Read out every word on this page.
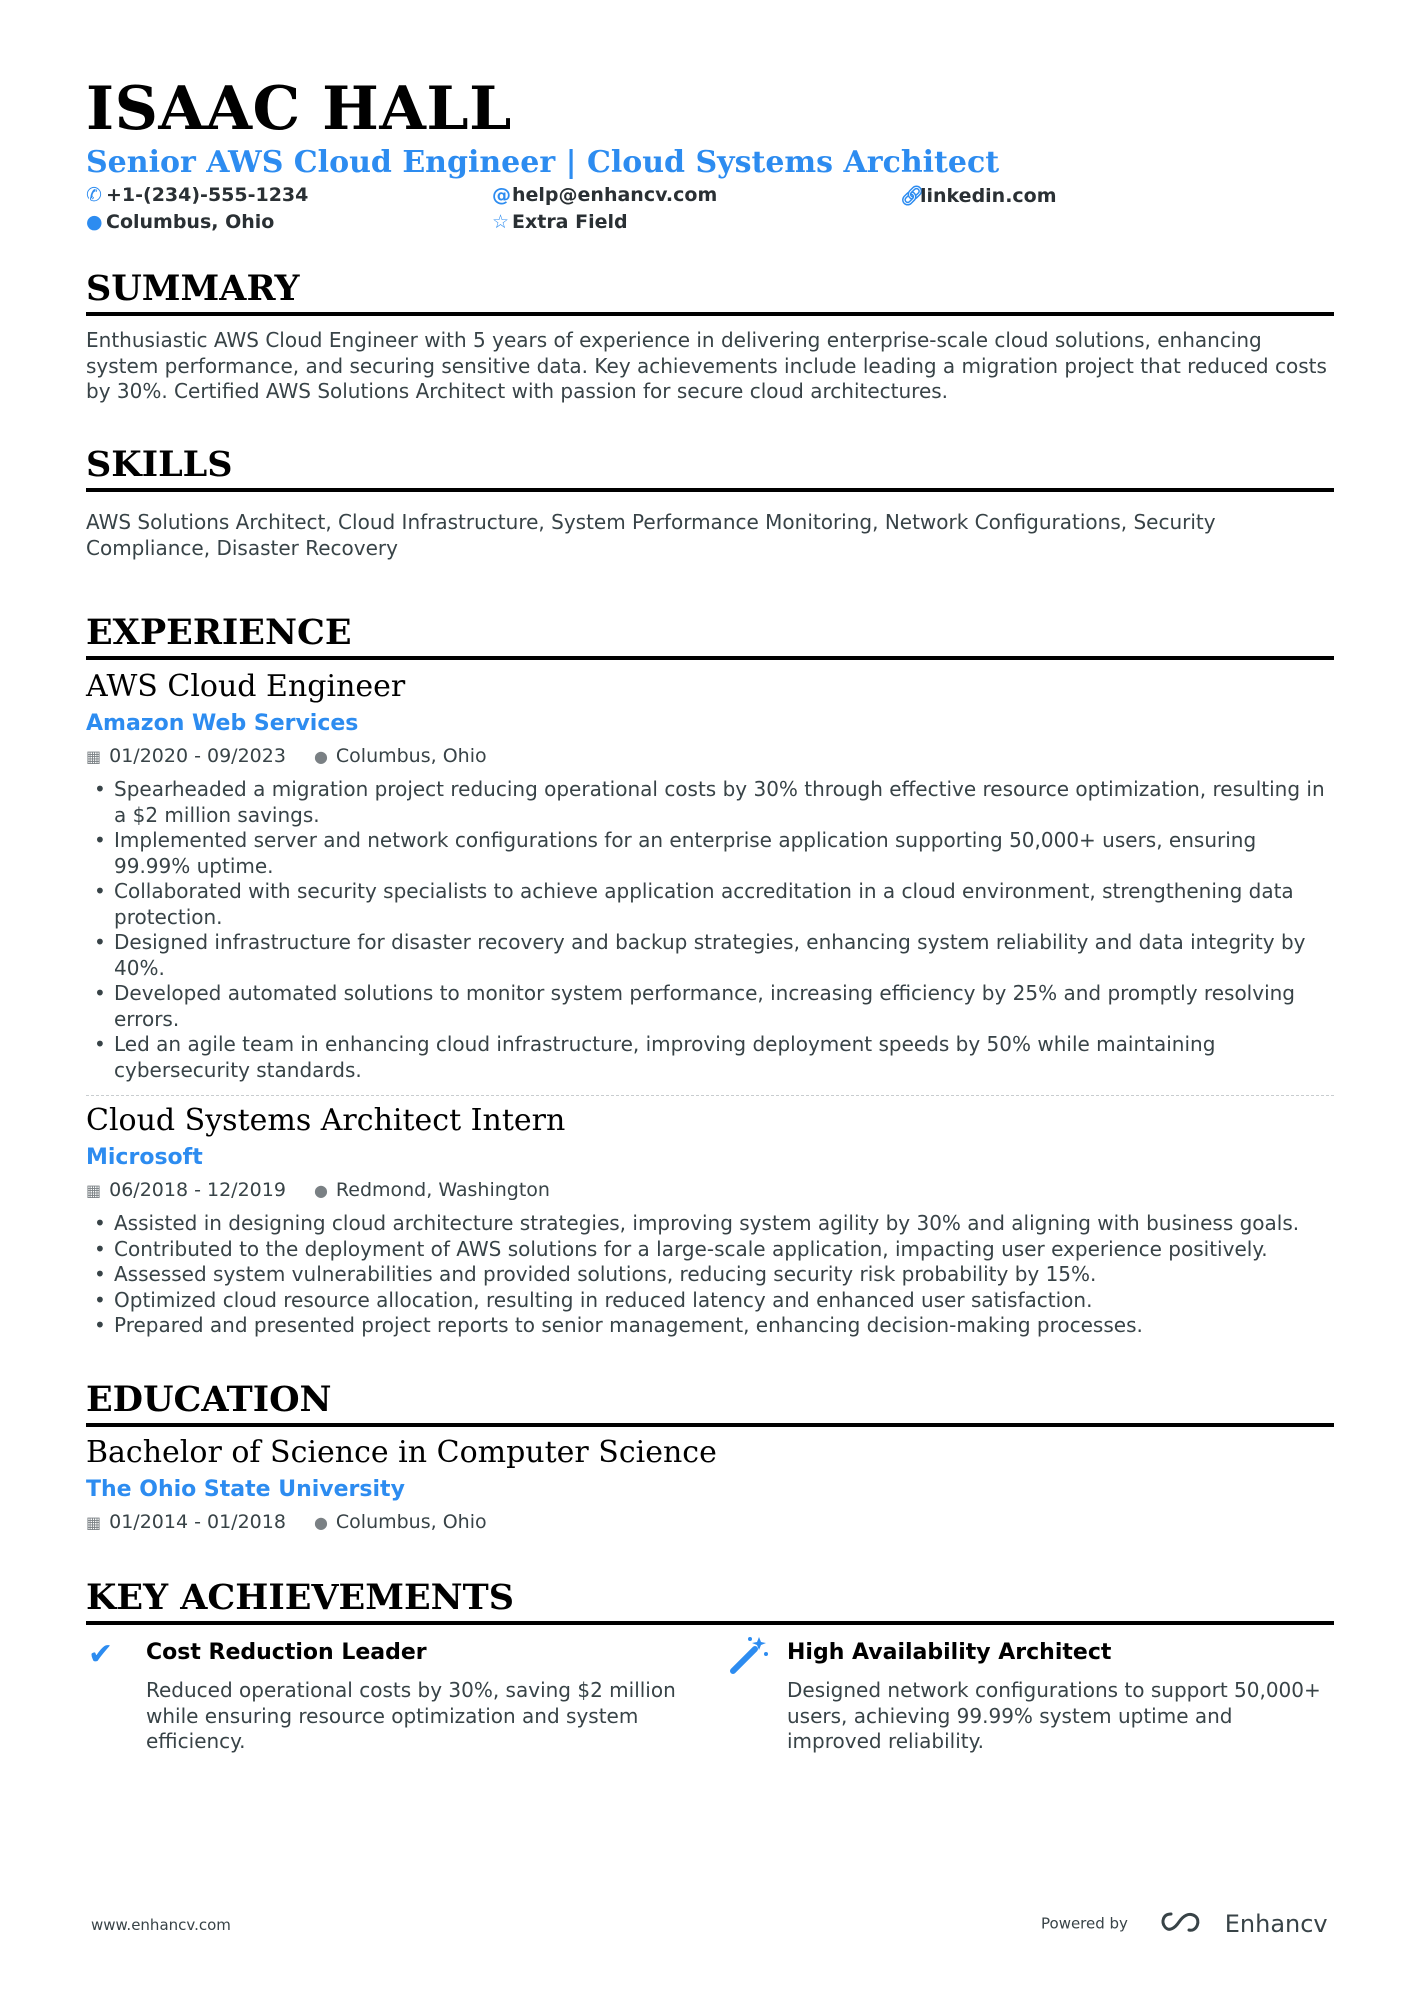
ISAAC HALL
Senior AWS Cloud Engineer | Cloud Systems Architect
✆ +1-(234)-555-1234	@help@enhancv.com	🔗︎linkedin.com
● Columbus, Ohio	☆ Extra Field
SUMMARY
Enthusiastic AWS Cloud Engineer with 5 years of experience in delivering enterprise-scale cloud solutions, enhancing system performance, and securing sensitive data. Key achievements include leading a migration project that reduced costs by 30%. Certified AWS Solutions Architect with passion for secure cloud architectures.
SKILLS
AWS Solutions Architect, Cloud Infrastructure, System Performance Monitoring, Network Configurations, Security Compliance, Disaster Recovery
EXPERIENCE
AWS Cloud Engineer
Amazon Web Services
▦ 01/2020 - 09/2023 ● Columbus, Ohio
• Spearheaded a migration project reducing operational costs by 30% through effective resource optimization, resulting in a $2 million savings.
• Implemented server and network configurations for an enterprise application supporting 50,000+ users, ensuring 99.99% uptime.
• Collaborated with security specialists to achieve application accreditation in a cloud environment, strengthening data protection.
• Designed infrastructure for disaster recovery and backup strategies, enhancing system reliability and data integrity by 40%.
• Developed automated solutions to monitor system performance, increasing efficiency by 25% and promptly resolving errors.
• Led an agile team in enhancing cloud infrastructure, improving deployment speeds by 50% while maintaining cybersecurity standards.
Cloud Systems Architect Intern
Microsoft
▦ 06/2018 - 12/2019 ● Redmond, Washington
• Assisted in designing cloud architecture strategies, improving system agility by 30% and aligning with business goals.
• Contributed to the deployment of AWS solutions for a large-scale application, impacting user experience positively.
• Assessed system vulnerabilities and provided solutions, reducing security risk probability by 15%.
• Optimized cloud resource allocation, resulting in reduced latency and enhanced user satisfaction.
• Prepared and presented project reports to senior management, enhancing decision-making processes.
EDUCATION
Bachelor of Science in Computer Science
The Ohio State University
▦ 01/2014 - 01/2018 ● Columbus, Ohio
KEY ACHIEVEMENTS
✔ Cost Reduction Leader
Reduced operational costs by 30%, saving $2 million while ensuring resource optimization and system efficiency.
High Availability Architect
Designed network configurations to support 50,000+ users, achieving 99.99% system uptime and improved reliability.
www.enhancv.com	Powered by	Enhancv
